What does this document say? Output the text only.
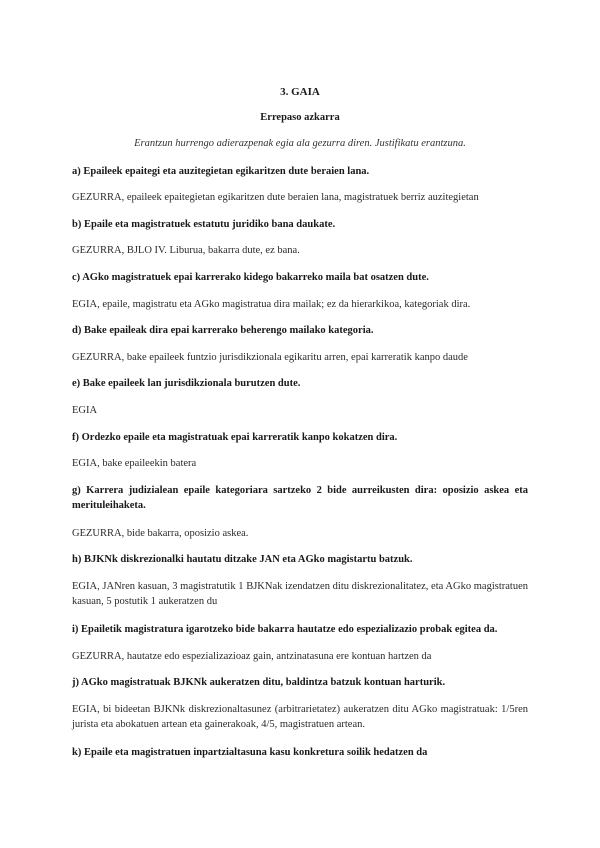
3. GAIA
Errepaso azkarra
Erantzun hurrengo adierazpenak egia ala gezurra diren. Justifikatu erantzuna.
a) Epaileek epaitegi eta auzitegietan egikaritzen dute beraien lana.
GEZURRA, epaileek epaitegietan egikaritzen dute beraien lana, magistratuek berriz auzitegietan
b) Epaile eta magistratuek estatutu juridiko bana daukate.
GEZURRA, BJLO IV. Liburua, bakarra dute, ez bana.
c) AGko magistratuek epai karrerako kidego bakarreko maila bat osatzen dute.
EGIA, epaile, magistratu eta AGko magistratua dira mailak; ez da hierarkikoa, kategoriak dira.
d) Bake epaileak dira epai karrerako beherengo mailako kategoria.
GEZURRA, bake epaileek funtzio jurisdikzionala egikaritu arren, epai karreratik kanpo daude
e) Bake epaileek lan jurisdikzionala burutzen dute.
EGIA
f) Ordezko epaile eta magistratuak epai karreratik kanpo kokatzen dira.
EGIA, bake epaileekin batera
g) Karrera judizialean epaile kategoriara sartzeko 2 bide aurreikusten dira: oposizio askea eta merituleihaketa.
GEZURRA, bide bakarra, oposizio askea.
h) BJKNk diskrezionalki hautatu ditzake JAN eta AGko magistartu batzuk.
EGIA, JANren kasuan, 3 magistratutik 1 BJKNak izendatzen ditu diskrezionalitatez, eta AGko magistratuen kasuan, 5 postutik 1 aukeratzen du
i) Epailetik magistratura igarotzeko bide bakarra hautatze edo espezializazio probak egitea da.
GEZURRA, hautatze edo espezializazioaz gain, antzinatasuna ere kontuan hartzen da
j) AGko magistratuak BJKNk aukeratzen ditu, baldintza batzuk kontuan harturik.
EGIA, bi bideetan BJKNk diskrezionaltasunez (arbitrarietatez) aukeratzen ditu AGko magistratuak: 1/5ren jurista eta abokatuen artean eta gainerakoak, 4/5, magistratuen artean.
k) Epaile eta magistratuen inpartzialtasuna kasu konkretura soilik hedatzen da
